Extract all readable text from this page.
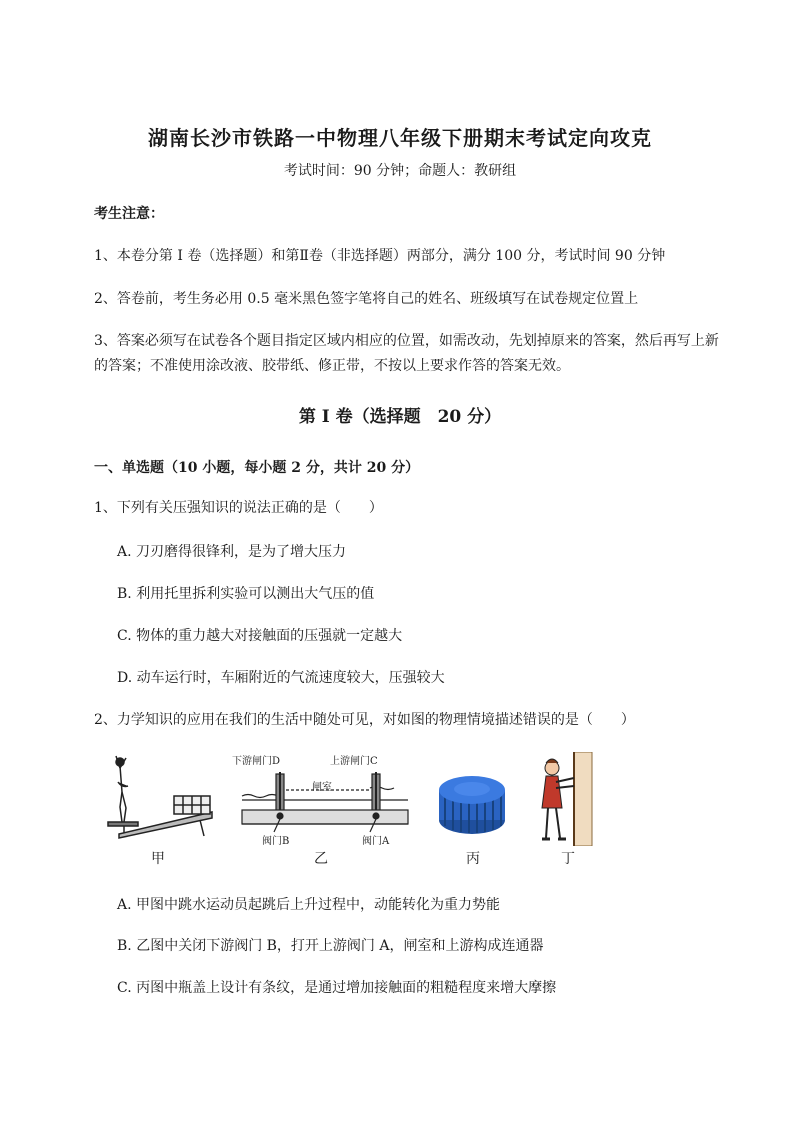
湖南长沙市铁路一中物理八年级下册期末考试定向攻克
考试时间：90 分钟；命题人：教研组
考生注意：
1、本卷分第 I 卷（选择题）和第Ⅱ卷（非选择题）两部分，满分 100 分，考试时间 90 分钟
2、答卷前，考生务必用 0.5 毫米黑色签字笔将自己的姓名、班级填写在试卷规定位置上
3、答案必须写在试卷各个题目指定区域内相应的位置，如需改动，先划掉原来的答案，然后再写上新
的答案；不准使用涂改液、胶带纸、修正带，不按以上要求作答的答案无效。
第 I 卷（选择题　20 分）
一、单选题（10 小题，每小题 2 分，共计 20 分）
1、下列有关压强知识的说法正确的是（　　）
A. 刀刃磨得很锋利，是为了增大压力
B. 利用托里拆利实验可以测出大气压的值
C. 物体的重力越大对接触面的压强就一定越大
D. 动车运行时，车厢附近的气流速度较大，压强较大
2、力学知识的应用在我们的生活中随处可见，对如图的物理情境描述错误的是（　　）
甲
下游闸门D	上游闸门C
闸室
阀门B	阀门A
乙	丙	丁
A. 甲图中跳水运动员起跳后上升过程中，动能转化为重力势能
B. 乙图中关闭下游阀门 B，打开上游阀门 A，闸室和上游构成连通器
C. 丙图中瓶盖上设计有条纹，是通过增加接触面的粗糙程度来增大摩擦
